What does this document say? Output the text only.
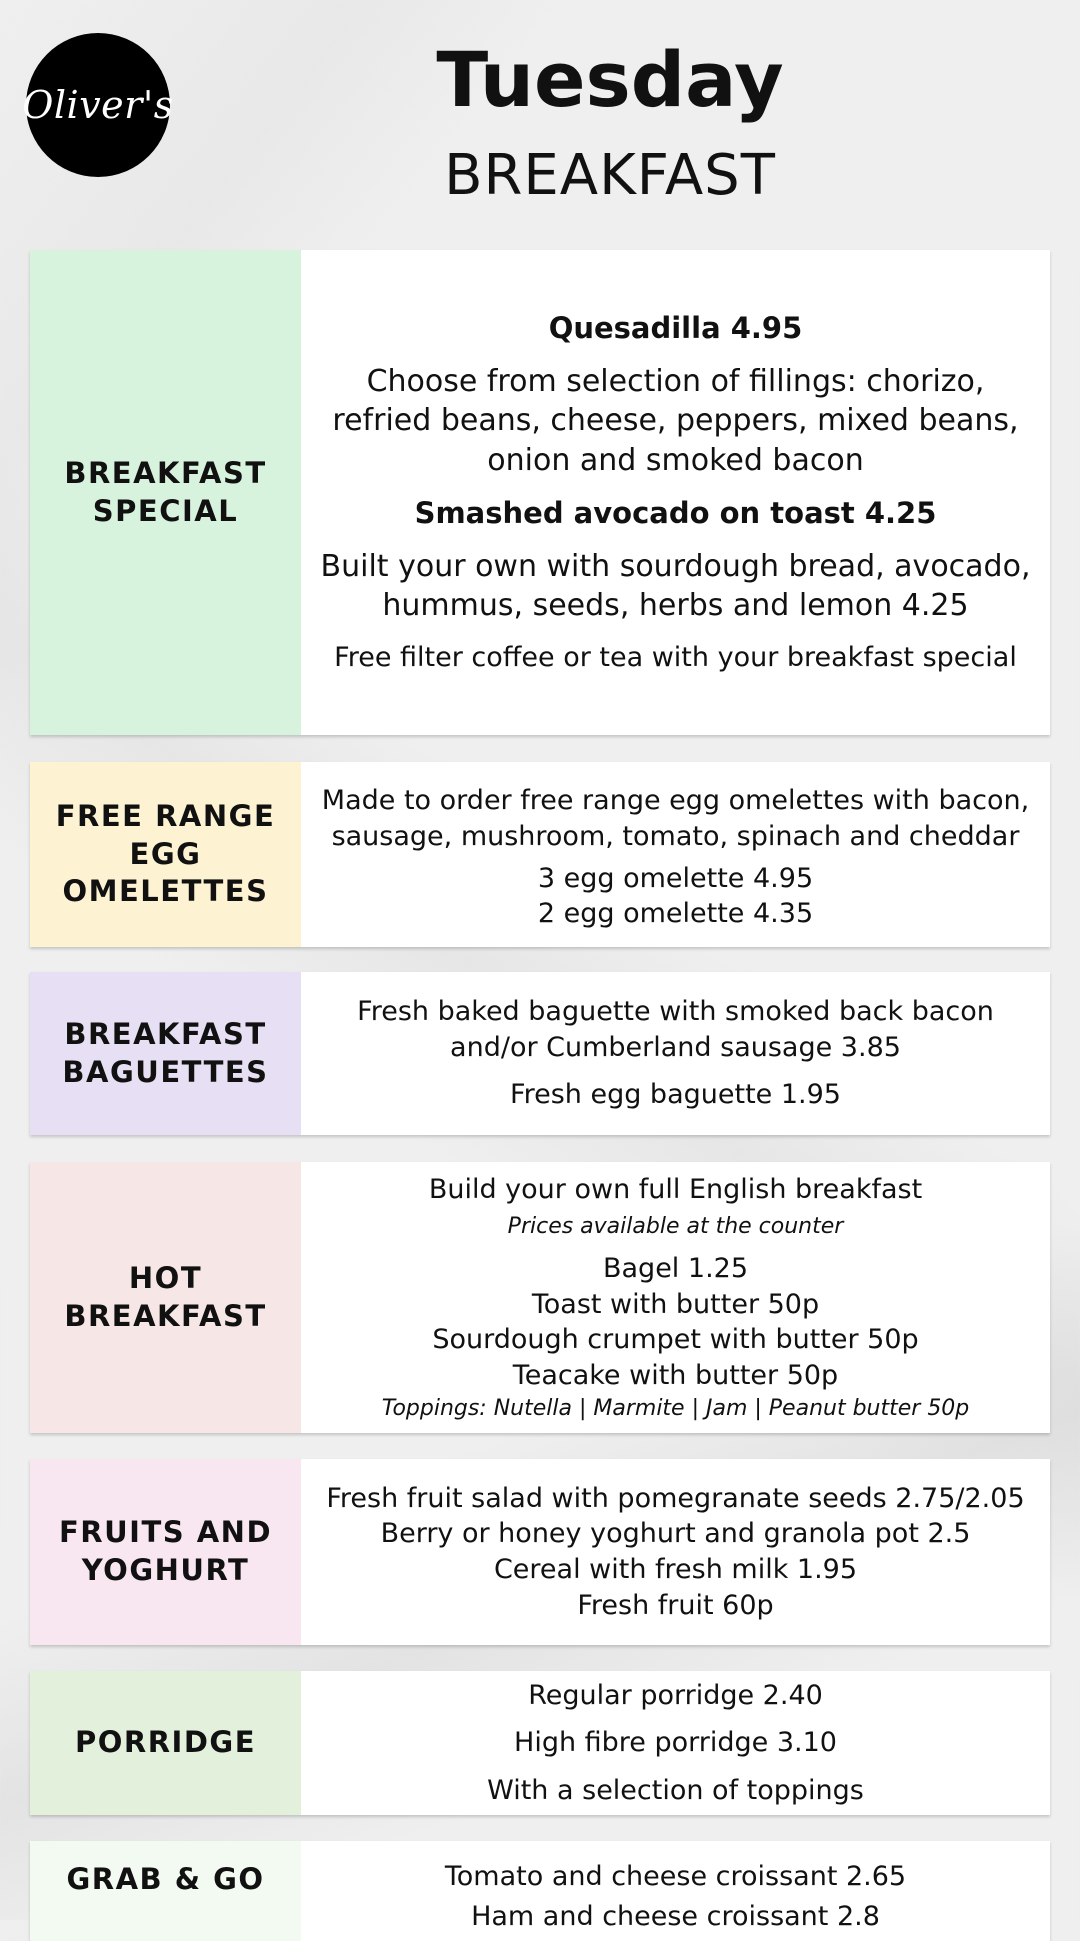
Oliver's	Tuesday
BREAKFAST
BREAKFAST SPECIAL
Quesadilla 4.95
Choose from selection of fillings: chorizo, refried beans, cheese, peppers, mixed beans, onion and smoked bacon
Smashed avocado on toast 4.25
Built your own with sourdough bread, avocado, hummus, seeds, herbs and lemon 4.25
Free filter coffee or tea with your breakfast special
FREE RANGE EGG OMELETTES
Made to order free range egg omelettes with bacon, sausage, mushroom, tomato, spinach and cheddar
3 egg omelette 4.95
2 egg omelette 4.35
BREAKFAST BAGUETTES
Fresh baked baguette with smoked back bacon and/or Cumberland sausage 3.85
Fresh egg baguette 1.95
HOT BREAKFAST
Build your own full English breakfast
Prices available at the counter
Bagel 1.25
Toast with butter 50p
Sourdough crumpet with butter 50p
Teacake with butter 50p
Toppings: Nutella | Marmite | Jam | Peanut butter 50p
FRUITS AND YOGHURT
Fresh fruit salad with pomegranate seeds 2.75/2.05
Berry or honey yoghurt and granola pot 2.5
Cereal with fresh milk 1.95
Fresh fruit 60p
PORRIDGE
Regular porridge 2.40
High fibre porridge 3.10
With a selection of toppings
GRAB & GO	Tomato and cheese croissant 2.65
Ham and cheese croissant 2.8
